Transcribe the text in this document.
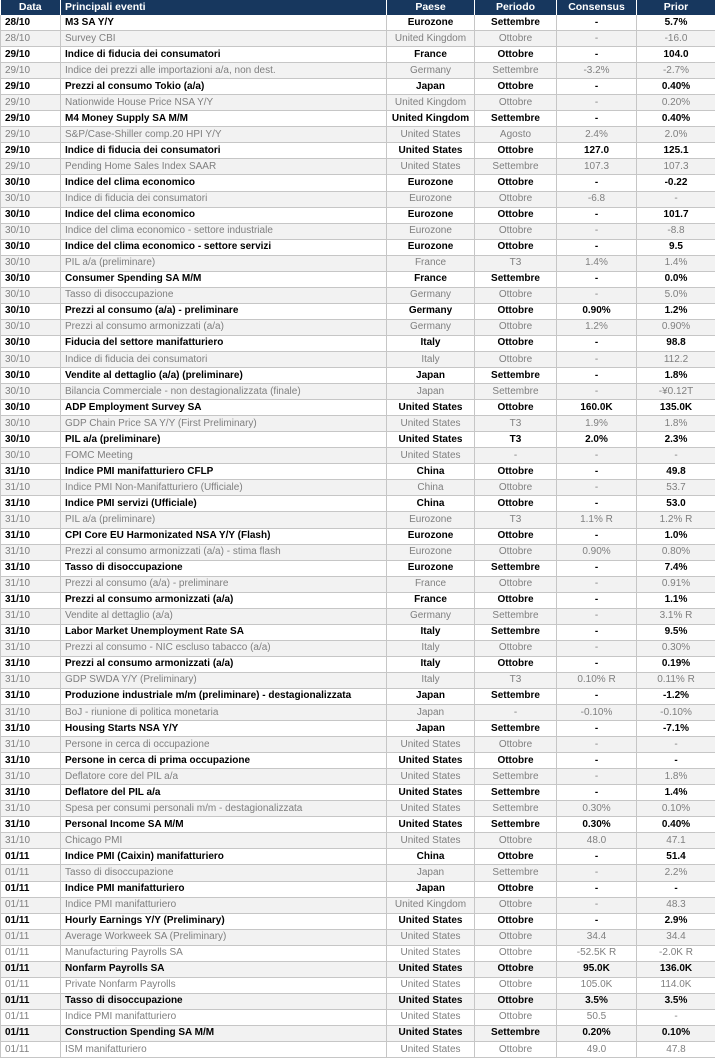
Data	Principali eventi	Paese	Periodo	Consensus	Prior
28/10	M3 SA Y/Y	Eurozone	Settembre	-	5.7%
28/10	Survey CBI	United Kingdom	Ottobre	-	-16.0
29/10	Indice di fiducia dei consumatori	France	Ottobre	-	104.0
29/10	Indice dei prezzi alle importazioni a/a, non dest.	Germany	Settembre	-3.2%	-2.7%
29/10	Prezzi al consumo Tokio (a/a)	Japan	Ottobre	-	0.40%
29/10	Nationwide House Price NSA Y/Y	United Kingdom	Ottobre	-	0.20%
29/10	M4 Money Supply SA M/M	United Kingdom	Settembre	-	0.40%
29/10	S&P/Case-Shiller comp.20 HPI Y/Y	United States	Agosto	2.4%	2.0%
29/10	Indice di fiducia dei consumatori	United States	Ottobre	127.0	125.1
29/10	Pending Home Sales Index SAAR	United States	Settembre	107.3	107.3
30/10	Indice del clima economico	Eurozone	Ottobre	-	-0.22
30/10	Indice di fiducia dei consumatori	Eurozone	Ottobre	-6.8	-
30/10	Indice del clima economico	Eurozone	Ottobre	-	101.7
30/10	Indice del clima economico - settore industriale	Eurozone	Ottobre	-	-8.8
30/10	Indice del clima economico - settore servizi	Eurozone	Ottobre	-	9.5
30/10	PIL a/a (preliminare)	France	T3	1.4%	1.4%
30/10	Consumer Spending SA M/M	France	Settembre	-	0.0%
30/10	Tasso di disoccupazione	Germany	Ottobre	-	5.0%
30/10	Prezzi al consumo (a/a) - preliminare	Germany	Ottobre	0.90%	1.2%
30/10	Prezzi al consumo armonizzati (a/a)	Germany	Ottobre	1.2%	0.90%
30/10	Fiducia del settore manifatturiero	Italy	Ottobre	-	98.8
30/10	Indice di fiducia dei consumatori	Italy	Ottobre	-	112.2
30/10	Vendite al dettaglio (a/a) (preliminare)	Japan	Settembre	-	1.8%
30/10	Bilancia Commerciale - non destagionalizzata (finale)	Japan	Settembre	-	-¥0.12T
30/10	ADP Employment Survey SA	United States	Ottobre	160.0K	135.0K
30/10	GDP Chain Price SA Y/Y (First Preliminary)	United States	T3	1.9%	1.8%
30/10	PIL a/a (preliminare)	United States	T3	2.0%	2.3%
30/10	FOMC Meeting	United States	-	-	-
31/10	Indice PMI manifatturiero CFLP	China	Ottobre	-	49.8
31/10	Indice PMI Non-Manifatturiero (Ufficiale)	China	Ottobre	-	53.7
31/10	Indice PMI servizi (Ufficiale)	China	Ottobre	-	53.0
31/10	PIL a/a (preliminare)	Eurozone	T3	1.1% R	1.2% R
31/10	CPI Core EU Harmonizated NSA Y/Y (Flash)	Eurozone	Ottobre	-	1.0%
31/10	Prezzi al consumo armonizzati (a/a) - stima flash	Eurozone	Ottobre	0.90%	0.80%
31/10	Tasso di disoccupazione	Eurozone	Settembre	-	7.4%
31/10	Prezzi al consumo (a/a) - preliminare	France	Ottobre	-	0.91%
31/10	Prezzi al consumo armonizzati (a/a)	France	Ottobre	-	1.1%
31/10	Vendite al dettaglio (a/a)	Germany	Settembre	-	3.1% R
31/10	Labor Market Unemployment Rate SA	Italy	Settembre	-	9.5%
31/10	Prezzi al consumo - NIC escluso tabacco (a/a)	Italy	Ottobre	-	0.30%
31/10	Prezzi al consumo armonizzati (a/a)	Italy	Ottobre	-	0.19%
31/10	GDP SWDA Y/Y (Preliminary)	Italy	T3	0.10% R	0.11% R
31/10	Produzione industriale m/m (preliminare) - destagionalizzata	Japan	Settembre	-	-1.2%
31/10	BoJ - riunione di politica monetaria	Japan	-	-0.10%	-0.10%
31/10	Housing Starts NSA Y/Y	Japan	Settembre	-	-7.1%
31/10	Persone in cerca di occupazione	United States	Ottobre	-	-
31/10	Persone in cerca di prima occupazione	United States	Ottobre	-	-
31/10	Deflatore core del PIL a/a	United States	Settembre	-	1.8%
31/10	Deflatore del PIL a/a	United States	Settembre	-	1.4%
31/10	Spesa per consumi personali m/m - destagionalizzata	United States	Settembre	0.30%	0.10%
31/10	Personal Income SA M/M	United States	Settembre	0.30%	0.40%
31/10	Chicago PMI	United States	Ottobre	48.0	47.1
01/11	Indice PMI (Caixin) manifatturiero	China	Ottobre	-	51.4
01/11	Tasso di disoccupazione	Japan	Settembre	-	2.2%
01/11	Indice PMI manifatturiero	Japan	Ottobre	-	-
01/11	Indice PMI manifatturiero	United Kingdom	Ottobre	-	48.3
01/11	Hourly Earnings Y/Y (Preliminary)	United States	Ottobre	-	2.9%
01/11	Average Workweek SA (Preliminary)	United States	Ottobre	34.4	34.4
01/11	Manufacturing Payrolls SA	United States	Ottobre	-52.5K R	-2.0K R
01/11	Nonfarm Payrolls SA	United States	Ottobre	95.0K	136.0K
01/11	Private Nonfarm Payrolls	United States	Ottobre	105.0K	114.0K
01/11	Tasso di disoccupazione	United States	Ottobre	3.5%	3.5%
01/11	Indice PMI manifatturiero	United States	Ottobre	50.5	-
01/11	Construction Spending SA M/M	United States	Settembre	0.20%	0.10%
01/11	ISM manifatturiero	United States	Ottobre	49.0	47.8
